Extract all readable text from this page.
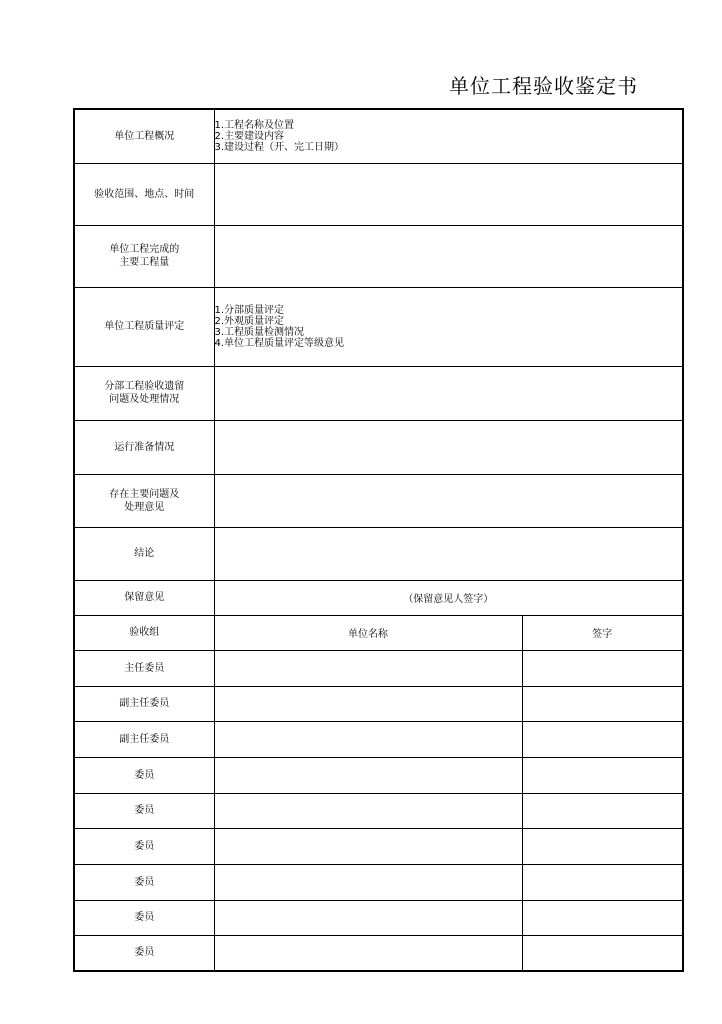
单位工程验收鉴定书
单位工程概况	1.工程名称及位置
2.主要建设内容
3.建设过程（开、完工日期）	

验收范围、地点、时间		

单位工程完成的
主要工程量		

单位工程质量评定	1.分部质量评定
2.外观质量评定
3.工程质量检测情况
4.单位工程质量评定等级意见	

分部工程验收遗留
问题及处理情况		

运行准备情况		

存在主要问题及
处理意见		

结论		
保留意见	（保留意见人签字）	
验收组	单位名称	签字
主任委员		
副主任委员		
副主任委员		
委员		
委员		
委员		
委员		
委员		
委员		
